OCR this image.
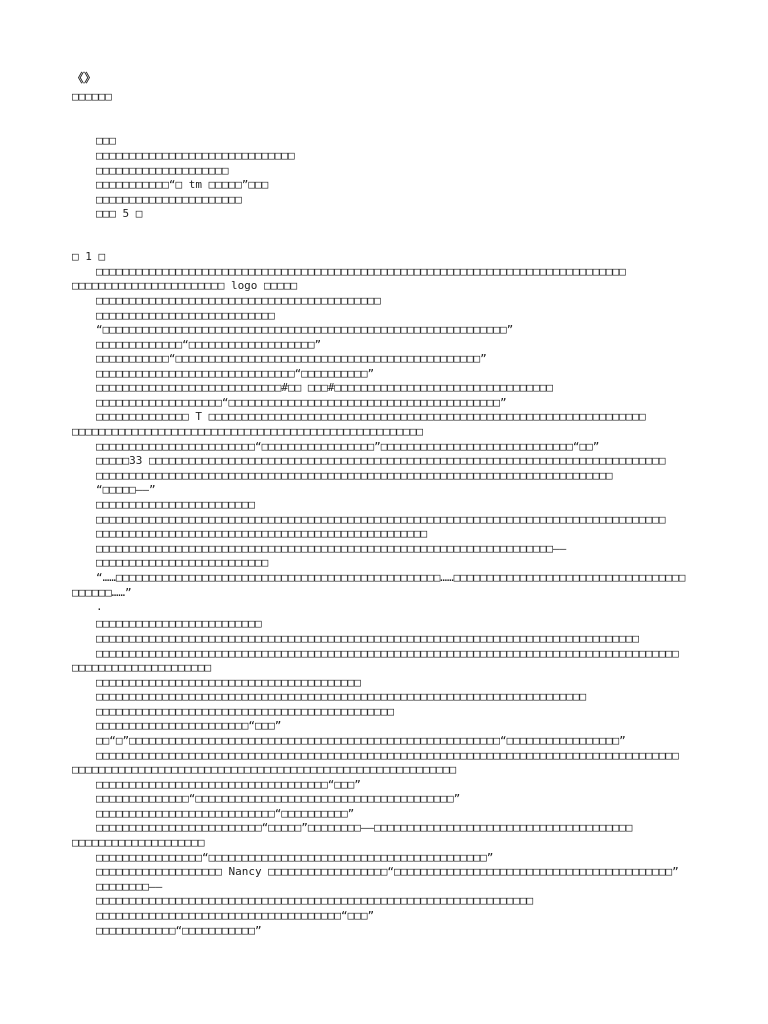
《》
□□□□□□
□□□
□□□□□□□□□□□□□□□□□□□□□□□□□□□□□□
□□□□□□□□□□□□□□□□□□□□
□□□□□□□□□□□“□ tm □□□□□”□□□
□□□□□□□□□□□□□□□□□□□□□□
□□□ 5 □
□ 1 □
□□□□□□□□□□□□□□□□□□□□□□□□□□□□□□□□□□□□□□□□□□□□□□□□□□□□□□□□□□□□□□□□□□□□□□□□□□□□□□□□
□□□□□□□□□□□□□□□□□□□□□□□ logo □□□□□
□□□□□□□□□□□□□□□□□□□□□□□□□□□□□□□□□□□□□□□□□□□
□□□□□□□□□□□□□□□□□□□□□□□□□□□
“□□□□□□□□□□□□□□□□□□□□□□□□□□□□□□□□□□□□□□□□□□□□□□□□□□□□□□□□□□□□□”
□□□□□□□□□□□□□“□□□□□□□□□□□□□□□□□□□”
□□□□□□□□□□□“□□□□□□□□□□□□□□□□□□□□□□□□□□□□□□□□□□□□□□□□□□□□□□”
□□□□□□□□□□□□□□□□□□□□□□□□□□□□□□“□□□□□□□□□□”
□□□□□□□□□□□□□□□□□□□□□□□□□□□□#□□ □□□#□□□□□□□□□□□□□□□□□□□□□□□□□□□□□□□□□
□□□□□□□□□□□□□□□□□□□“□□□□□□□□□□□□□□□□□□□□□□□□□□□□□□□□□□□□□□□□□”
□□□□□□□□□□□□□□ T □□□□□□□□□□□□□□□□□□□□□□□□□□□□□□□□□□□□□□□□□□□□□□□□□□□□□□□□□□□□□□□□□□
□□□□□□□□□□□□□□□□□□□□□□□□□□□□□□□□□□□□□□□□□□□□□□□□□□□□□
□□□□□□□□□□□□□□□□□□□□□□□□“□□□□□□□□□□□□□□□□□”□□□□□□□□□□□□□□□□□□□□□□□□□□□□□“□□”
□□□□□33 □□□□□□□□□□□□□□□□□□□□□□□□□□□□□□□□□□□□□□□□□□□□□□□□□□□□□□□□□□□□□□□□□□□□□□□□□□□□□□
□□□□□□□□□□□□□□□□□□□□□□□□□□□□□□□□□□□□□□□□□□□□□□□□□□□□□□□□□□□□□□□□□□□□□□□□□□□□□□
“□□□□□——”
□□□□□□□□□□□□□□□□□□□□□□□□
□□□□□□□□□□□□□□□□□□□□□□□□□□□□□□□□□□□□□□□□□□□□□□□□□□□□□□□□□□□□□□□□□□□□□□□□□□□□□□□□□□□□□□
□□□□□□□□□□□□□□□□□□□□□□□□□□□□□□□□□□□□□□□□□□□□□□□□□□
□□□□□□□□□□□□□□□□□□□□□□□□□□□□□□□□□□□□□□□□□□□□□□□□□□□□□□□□□□□□□□□□□□□□□——
□□□□□□□□□□□□□□□□□□□□□□□□□□
“……□□□□□□□□□□□□□□□□□□□□□□□□□□□□□□□□□□□□□□□□□□□□□□□□□……□□□□□□□□□□□□□□□□□□□□□□□□□□□□□□□□□□□
□□□□□□……”
.
□□□□□□□□□□□□□□□□□□□□□□□□□
□□□□□□□□□□□□□□□□□□□□□□□□□□□□□□□□□□□□□□□□□□□□□□□□□□□□□□□□□□□□□□□□□□□□□□□□□□□□□□□□□□
□□□□□□□□□□□□□□□□□□□□□□□□□□□□□□□□□□□□□□□□□□□□□□□□□□□□□□□□□□□□□□□□□□□□□□□□□□□□□□□□□□□□□□□□
□□□□□□□□□□□□□□□□□□□□□
□□□□□□□□□□□□□□□□□□□□□□□□□□□□□□□□□□□□□□□□
□□□□□□□□□□□□□□□□□□□□□□□□□□□□□□□□□□□□□□□□□□□□□□□□□□□□□□□□□□□□□□□□□□□□□□□□□□
□□□□□□□□□□□□□□□□□□□□□□□□□□□□□□□□□□□□□□□□□□□□□
□□□□□□□□□□□□□□□□□□□□□□□“□□□”
□□“□”□□□□□□□□□□□□□□□□□□□□□□□□□□□□□□□□□□□□□□□□□□□□□□□□□□□□□□□□“□□□□□□□□□□□□□□□□□”
□□□□□□□□□□□□□□□□□□□□□□□□□□□□□□□□□□□□□□□□□□□□□□□□□□□□□□□□□□□□□□□□□□□□□□□□□□□□□□□□□□□□□□□□
□□□□□□□□□□□□□□□□□□□□□□□□□□□□□□□□□□□□□□□□□□□□□□□□□□□□□□□□□□
□□□□□□□□□□□□□□□□□□□□□□□□□□□□□□□□□□□“□□□”
□□□□□□□□□□□□□□“□□□□□□□□□□□□□□□□□□□□□□□□□□□□□□□□□□□□□□□”
□□□□□□□□□□□□□□□□□□□□□□□□□□□“□□□□□□□□□□”
□□□□□□□□□□□□□□□□□□□□□□□□□“□□□□□”□□□□□□□□——□□□□□□□□□□□□□□□□□□□□□□□□□□□□□□□□□□□□□□□
□□□□□□□□□□□□□□□□□□□□
□□□□□□□□□□□□□□□□“□□□□□□□□□□□□□□□□□□□□□□□□□□□□□□□□□□□□□□□□□□”
□□□□□□□□□□□□□□□□□□□ Nancy □□□□□□□□□□□□□□□□□□“□□□□□□□□□□□□□□□□□□□□□□□□□□□□□□□□□□□□□□□□□□”
□□□□□□□□——
□□□□□□□□□□□□□□□□□□□□□□□□□□□□□□□□□□□□□□□□□□□□□□□□□□□□□□□□□□□□□□□□□□
□□□□□□□□□□□□□□□□□□□□□□□□□□□□□□□□□□□□□“□□□”
□□□□□□□□□□□□“□□□□□□□□□□□”
